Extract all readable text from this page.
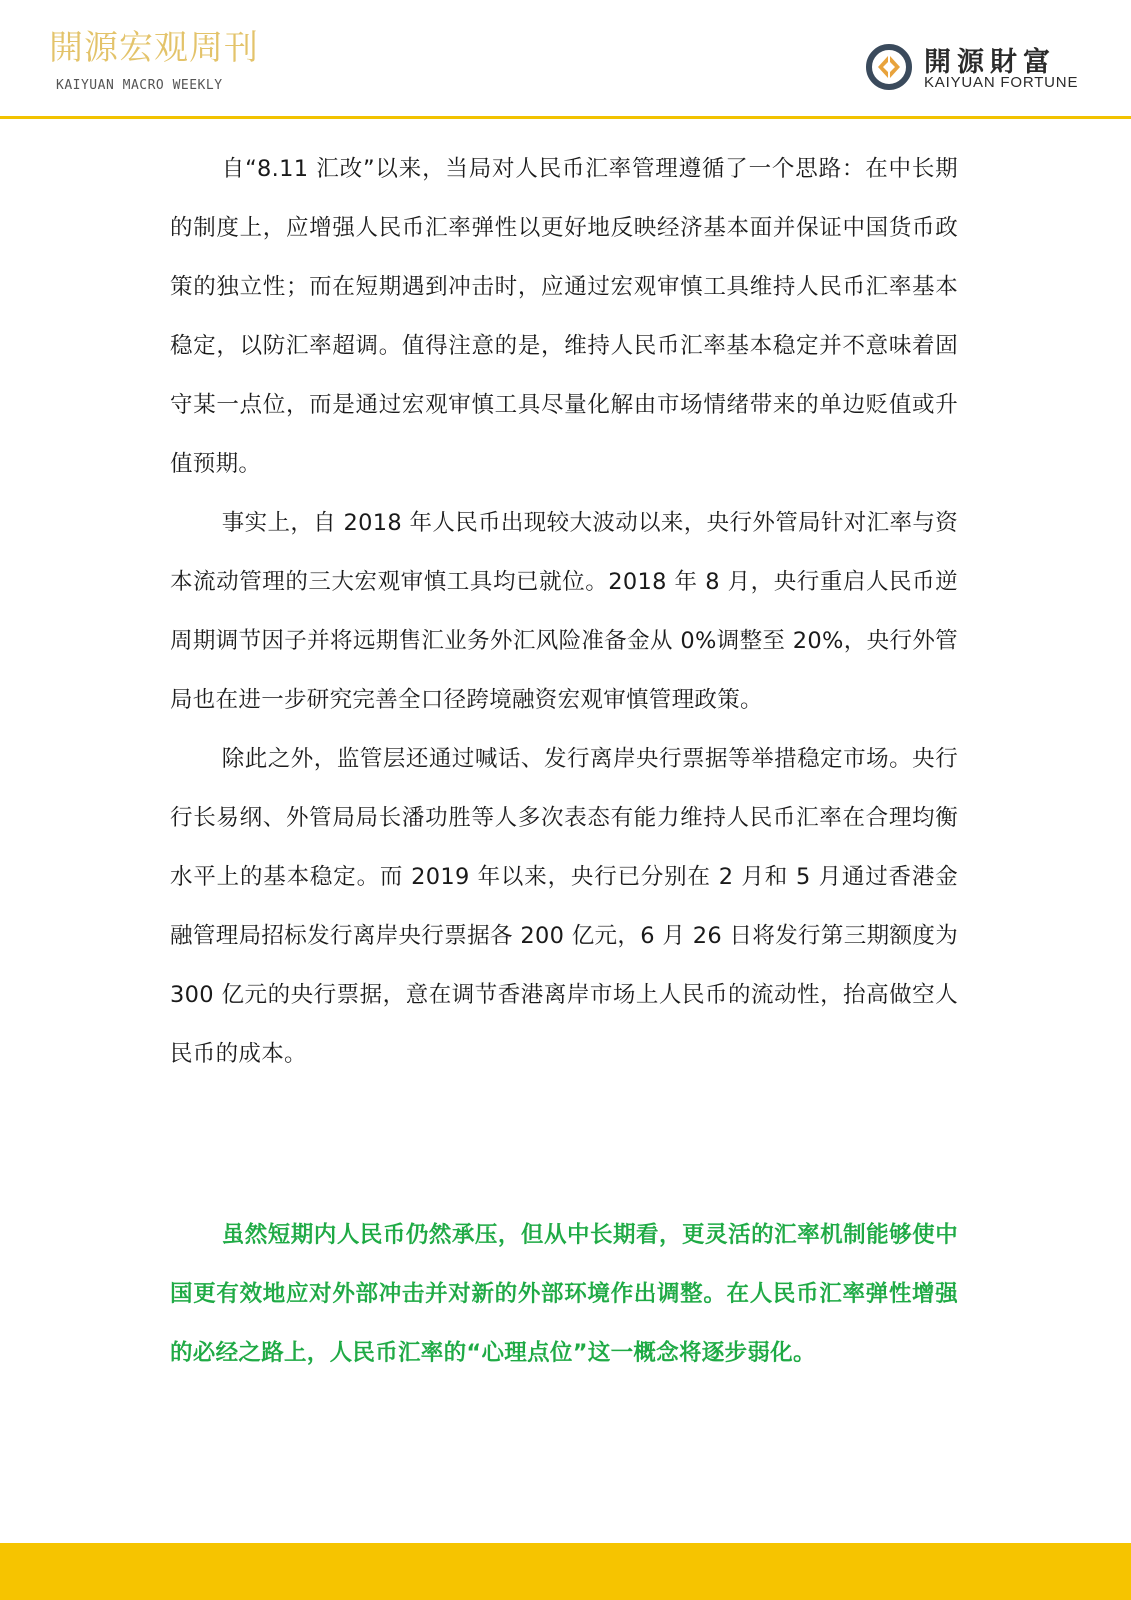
開源宏观周刊
KAIYUAN MACRO WEEKLY
開源財富
KAIYUAN FORTUNE

自“8.11 汇改”以来，当局对人民币汇率管理遵循了一个思路：在中长期的制度上，应增强人民币汇率弹性以更好地反映经济基本面并保证中国货币政策的独立性；而在短期遇到冲击时，应通过宏观审慎工具维持人民币汇率基本稳定，以防汇率超调。值得注意的是，维持人民币汇率基本稳定并不意味着固守某一点位，而是通过宏观审慎工具尽量化解由市场情绪带来的单边贬值或升值预期。

事实上，自 2018 年人民币出现较大波动以来，央行外管局针对汇率与资本流动管理的三大宏观审慎工具均已就位。2018 年 8 月，央行重启人民币逆周期调节因子并将远期售汇业务外汇风险准备金从 0%调整至 20%，央行外管局也在进一步研究完善全口径跨境融资宏观审慎管理政策。

除此之外，监管层还通过喊话、发行离岸央行票据等举措稳定市场。央行行长易纲、外管局局长潘功胜等人多次表态有能力维持人民币汇率在合理均衡水平上的基本稳定。而 2019 年以来，央行已分别在 2 月和 5 月通过香港金融管理局招标发行离岸央行票据各 200 亿元，6 月 26 日将发行第三期额度为 300 亿元的央行票据，意在调节香港离岸市场上人民币的流动性，抬高做空人民币的成本。

虽然短期内人民币仍然承压，但从中长期看，更灵活的汇率机制能够使中国更有效地应对外部冲击并对新的外部环境作出调整。在人民币汇率弹性增强的必经之路上，人民币汇率的“心理点位”这一概念将逐步弱化。
